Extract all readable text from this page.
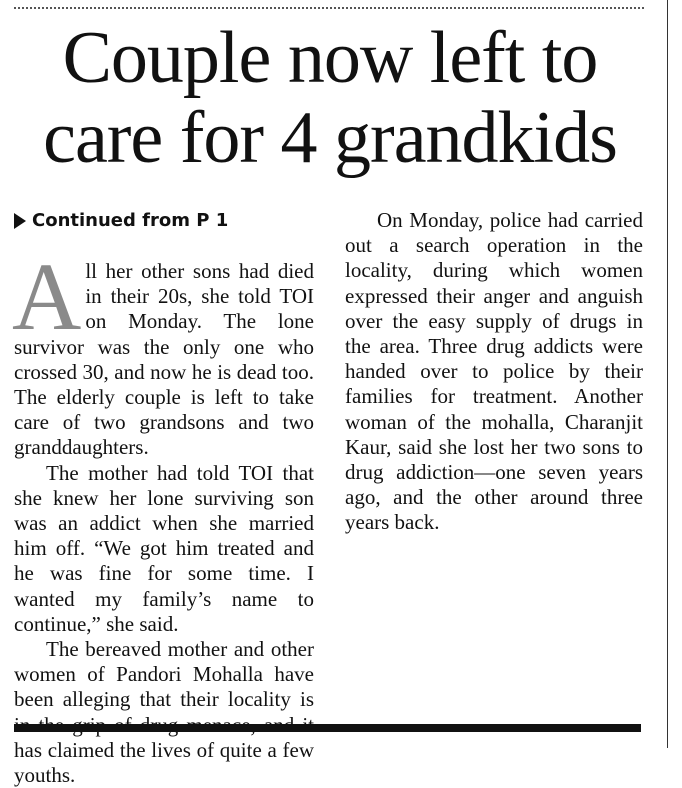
Couple now left to
care for 4 grandkids
Continued from P 1

All her other sons had died in their 20s, she told TOI on Monday. The lone survivor was the only one who crossed 30, and now he is dead too. The elderly couple is left to take care of two grandsons and two granddaughters.

The mother had told TOI that she knew her lone surviving son was an addict when she married him off. “We got him treated and he was fine for some time. I wanted my family’s name to continue,” she said.

The bereaved mother and other women of Pandori Mohalla have been alleging that their locality is has claimed the lives of quite a few youths.

On Monday, police had carried out a search operation in the locality, during which women expressed their anger and anguish over the easy supply of drugs in the area. Three drug addicts were handed over to police by their families for treatment. Another woman of the mohalla, Charanjit Kaur, said she lost her two sons to drug addiction—one seven years ago, and the other around three years back.
